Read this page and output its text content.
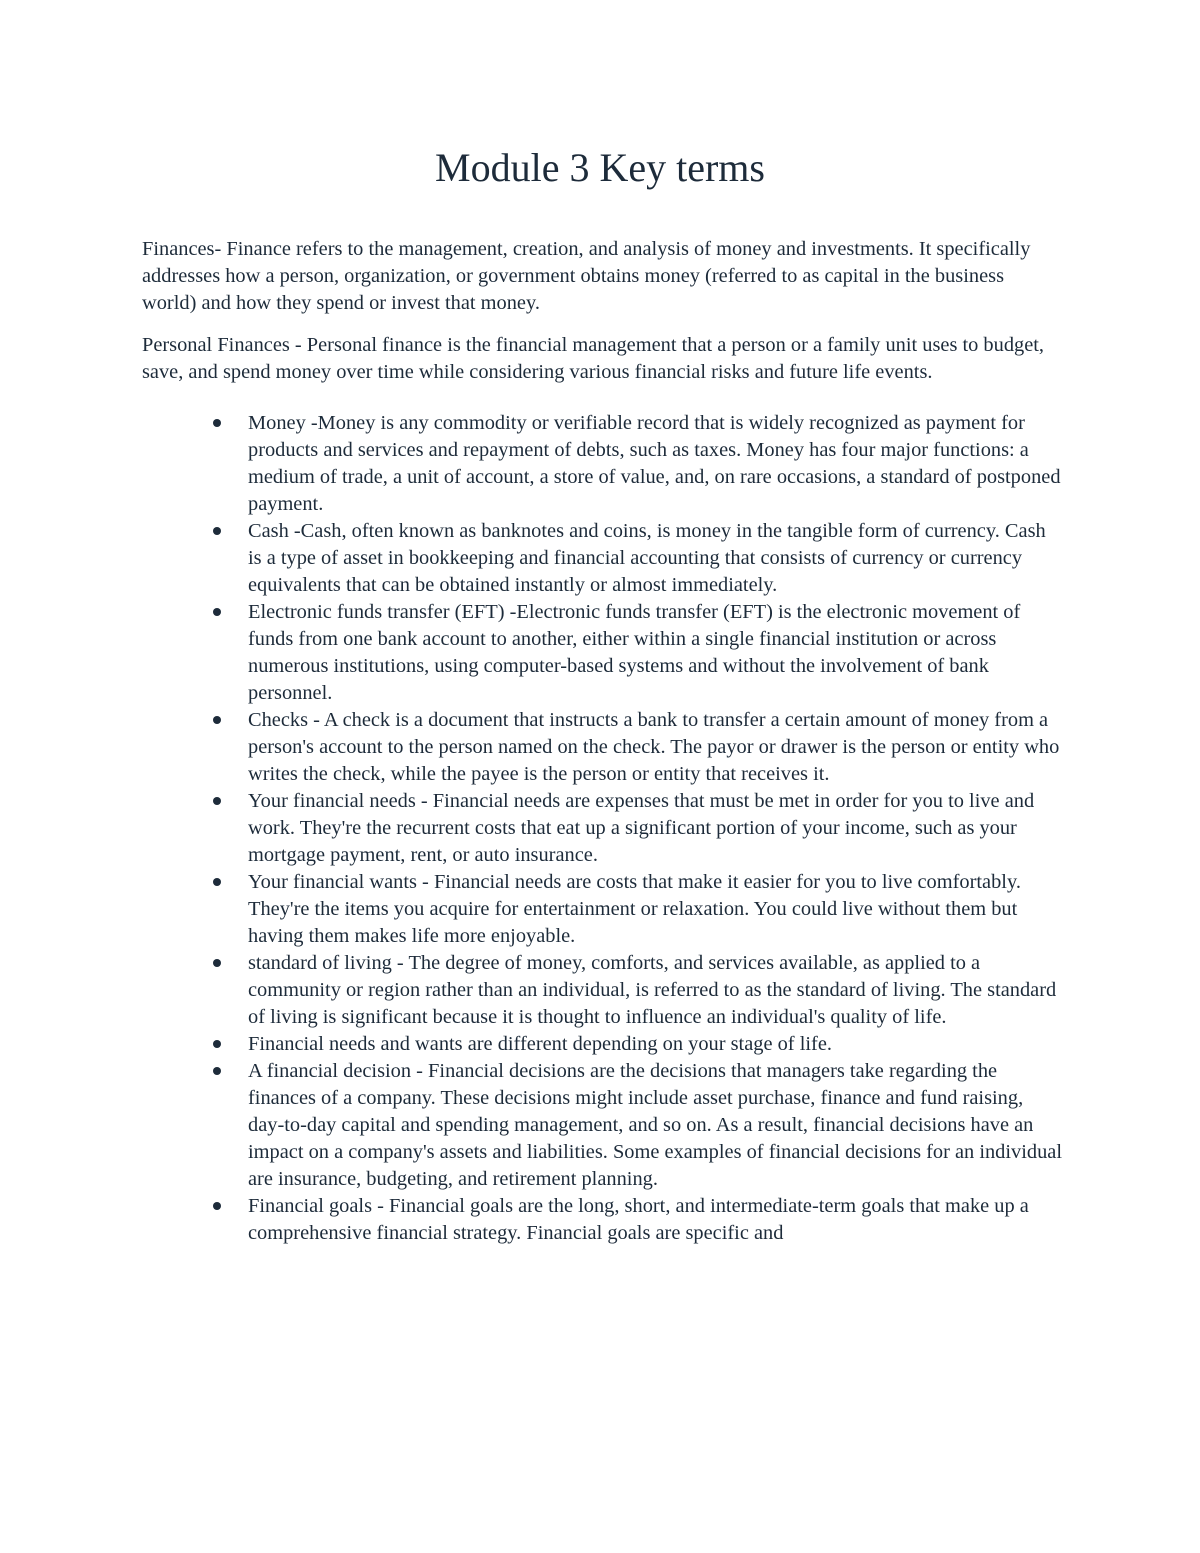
Module 3 Key terms

Finances- Finance refers to the management, creation, and analysis of money and investments. It specifically addresses how a person, organization, or government obtains money (referred to as capital in the business world) and how they spend or invest that money.

Personal Finances - Personal finance is the financial management that a person or a family unit uses to budget, save, and spend money over time while considering various financial risks and future life events.

Money -Money is any commodity or verifiable record that is widely recognized as payment for products and services and repayment of debts, such as taxes. Money has four major functions: a medium of trade, a unit of account, a store of value, and, on rare occasions, a standard of postponed payment.
Cash -Cash, often known as banknotes and coins, is money in the tangible form of currency. Cash is a type of asset in bookkeeping and financial accounting that consists of currency or currency equivalents that can be obtained instantly or almost immediately.
Electronic funds transfer (EFT) -Electronic funds transfer (EFT) is the electronic movement of funds from one bank account to another, either within a single financial institution or across numerous institutions, using computer-based systems and without the involvement of bank personnel.
Checks - A check is a document that instructs a bank to transfer a certain amount of money from a person's account to the person named on the check. The payor or drawer is the person or entity who writes the check, while the payee is the person or entity that receives it.
Your financial needs - Financial needs are expenses that must be met in order for you to live and work. They're the recurrent costs that eat up a significant portion of your income, such as your mortgage payment, rent, or auto insurance.
Your financial wants - Financial needs are costs that make it easier for you to live comfortably. They're the items you acquire for entertainment or relaxation. You could live without them but having them makes life more enjoyable.
standard of living - The degree of money, comforts, and services available, as applied to a community or region rather than an individual, is referred to as the standard of living. The standard of living is significant because it is thought to influence an individual's quality of life.
Financial needs and wants are different depending on your stage of life.
A financial decision - Financial decisions are the decisions that managers take regarding the finances of a company. These decisions might include asset purchase, finance and fund raising, day-to-day capital and spending management, and so on. As a result, financial decisions have an impact on a company's assets and liabilities. Some examples of financial decisions for an individual are insurance, budgeting, and retirement planning.
Financial goals - Financial goals are the long, short, and intermediate-term goals that make up a comprehensive financial strategy. Financial goals are specific and
